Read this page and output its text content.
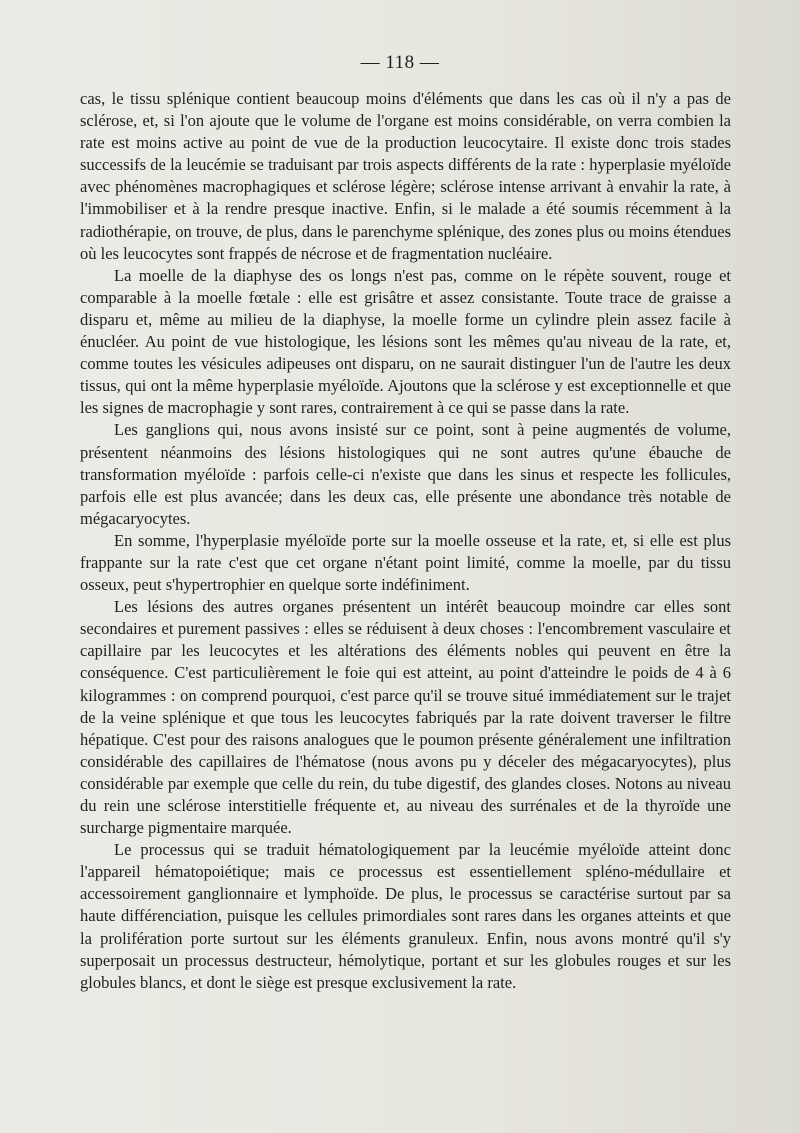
— 118 —

cas, le tissu splénique contient beaucoup moins d'éléments que dans les cas où il n'y a pas de sclérose, et, si l'on ajoute que le volume de l'organe est moins considérable, on verra combien la rate est moins active au point de vue de la production leucocytaire. Il existe donc trois stades successifs de la leucémie se traduisant par trois aspects différents de la rate : hyperplasie myéloïde avec phénomènes macrophagiques et sclérose légère; sclérose intense arrivant à envahir la rate, à l'immobiliser et à la rendre presque inactive. Enfin, si le malade a été soumis récemment à la radiothérapie, on trouve, de plus, dans le parenchyme splénique, des zones plus ou moins étendues où les leucocytes sont frappés de nécrose et de fragmentation nucléaire.

La moelle de la diaphyse des os longs n'est pas, comme on le répète souvent, rouge et comparable à la moelle fœtale : elle est grisâtre et assez consistante. Toute trace de graisse a disparu et, même au milieu de la diaphyse, la moelle forme un cylindre plein assez facile à énucléer. Au point de vue histologique, les lésions sont les mêmes qu'au niveau de la rate, et, comme toutes les vésicules adipeuses ont disparu, on ne saurait distinguer l'un de l'autre les deux tissus, qui ont la même hyperplasie myéloïde. Ajoutons que la sclérose y est exceptionnelle et que les signes de macrophagie y sont rares, contrairement à ce qui se passe dans la rate.

Les ganglions qui, nous avons insisté sur ce point, sont à peine augmentés de volume, présentent néanmoins des lésions histologiques qui ne sont autres qu'une ébauche de transformation myéloïde : parfois celle-ci n'existe que dans les sinus et respecte les follicules, parfois elle est plus avancée; dans les deux cas, elle présente une abondance très notable de mégacaryocytes.

En somme, l'hyperplasie myéloïde porte sur la moelle osseuse et la rate, et, si elle est plus frappante sur la rate c'est que cet organe n'étant point limité, comme la moelle, par du tissu osseux, peut s'hypertrophier en quelque sorte indéfiniment.

Les lésions des autres organes présentent un intérêt beaucoup moindre car elles sont secondaires et purement passives : elles se réduisent à deux choses : l'encombrement vasculaire et capillaire par les leucocytes et les altérations des éléments nobles qui peuvent en être la conséquence. C'est particulièrement le foie qui est atteint, au point d'atteindre le poids de 4 à 6 kilogrammes : on comprend pourquoi, c'est parce qu'il se trouve situé immédiatement sur le trajet de la veine splénique et que tous les leucocytes fabriqués par la rate doivent traverser le filtre hépatique. C'est pour des raisons analogues que le poumon présente généralement une infiltration considérable des capillaires de l'hématose (nous avons pu y déceler des mégacaryocytes), plus considérable par exemple que celle du rein, du tube digestif, des glandes closes. Notons au niveau du rein une sclérose interstitielle fréquente et, au niveau des surrénales et de la thyroïde une surcharge pigmentaire marquée.

Le processus qui se traduit hématologiquement par la leucémie myéloïde atteint donc l'appareil hématopoiétique; mais ce processus est essentiellement spléno-médullaire et accessoirement ganglionnaire et lymphoïde. De plus, le processus se caractérise surtout par sa haute différenciation, puisque les cellules primordiales sont rares dans les organes atteints et que la prolifération porte surtout sur les éléments granuleux. Enfin, nous avons montré qu'il s'y superposait un processus destructeur, hémolytique, portant et sur les globules rouges et sur les globules blancs, et dont le siège est presque exclusivement la rate.
